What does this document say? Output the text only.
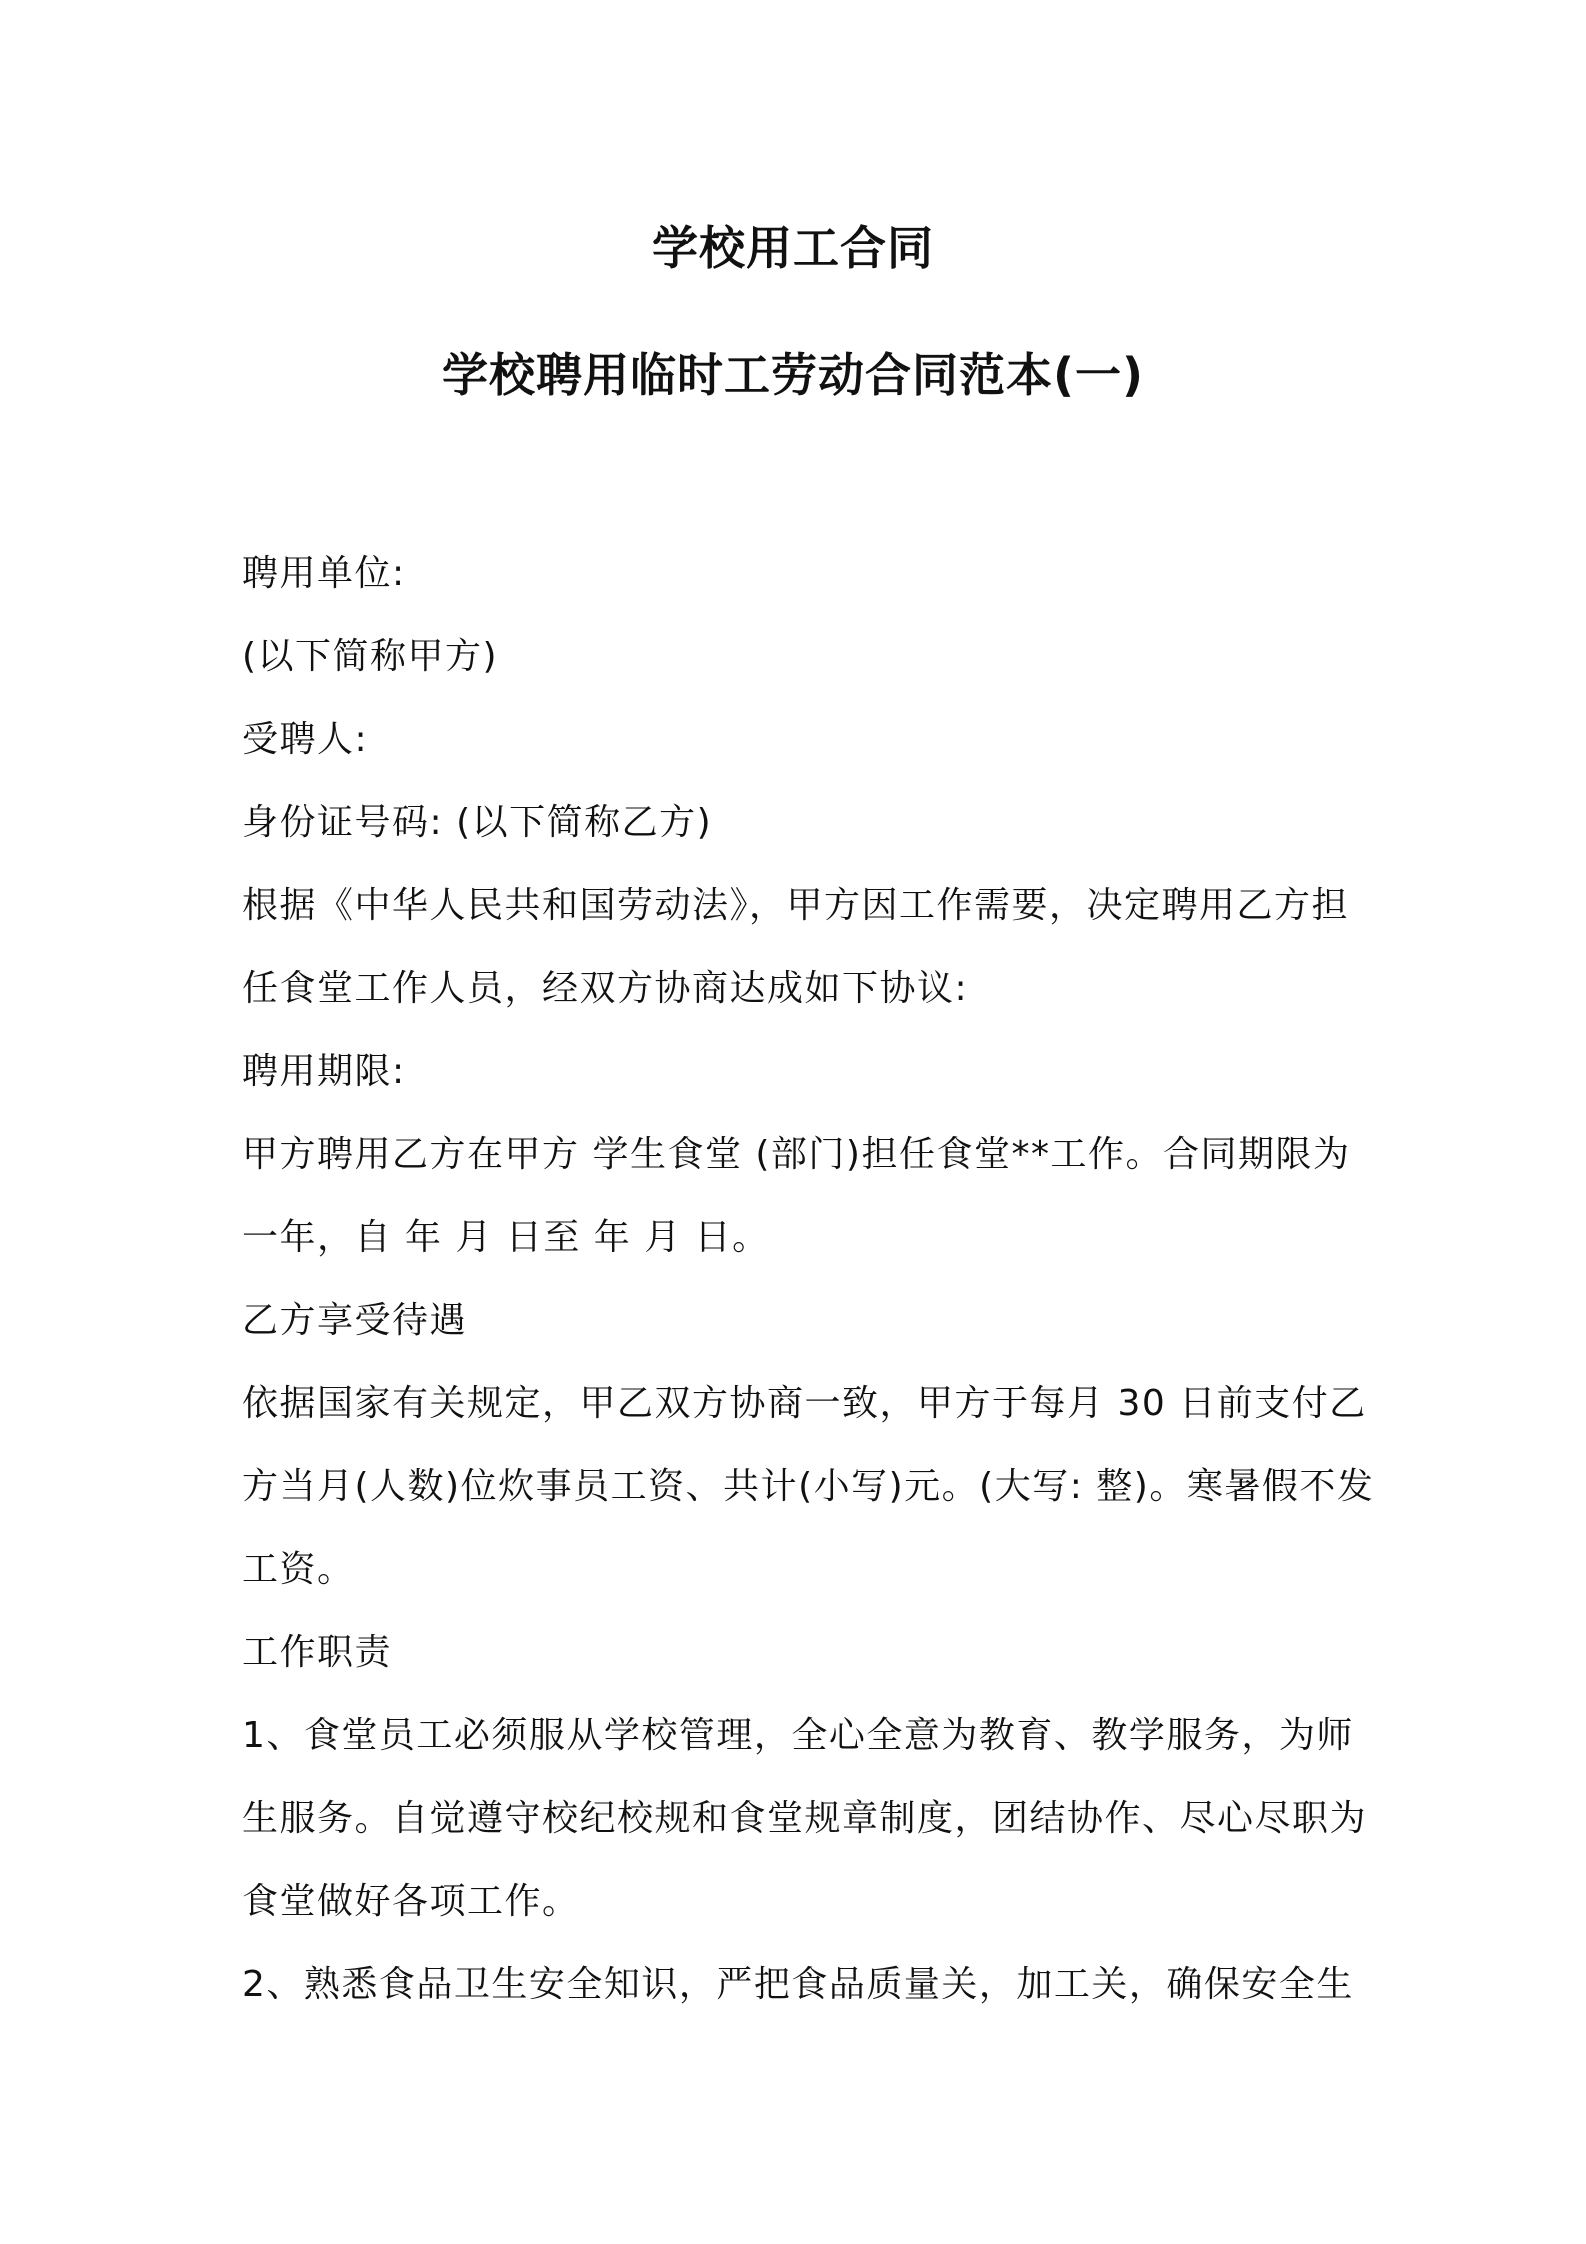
学校用工合同
学校聘用临时工劳动合同范本(一)

聘用单位:

(以下简称甲方)

受聘人:

身份证号码: (以下简称乙方)

根据《中华人民共和国劳动法》，甲方因工作需要，决定聘用乙方担

任食堂工作人员，经双方协商达成如下协议:

聘用期限:

甲方聘用乙方在甲方 学生食堂 (部门)担任食堂**工作。合同期限为

一年，自 年 月 日至 年 月 日。

乙方享受待遇

依据国家有关规定，甲乙双方协商一致，甲方于每月 30 日前支付乙

方当月(人数)位炊事员工资、共计(小写)元。(大写: 整)。寒暑假不发

工资。

工作职责

1、食堂员工必须服从学校管理，全心全意为教育、教学服务，为师

生服务。自觉遵守校纪校规和食堂规章制度，团结协作、尽心尽职为

食堂做好各项工作。

2、熟悉食品卫生安全知识，严把食品质量关，加工关，确保安全生
